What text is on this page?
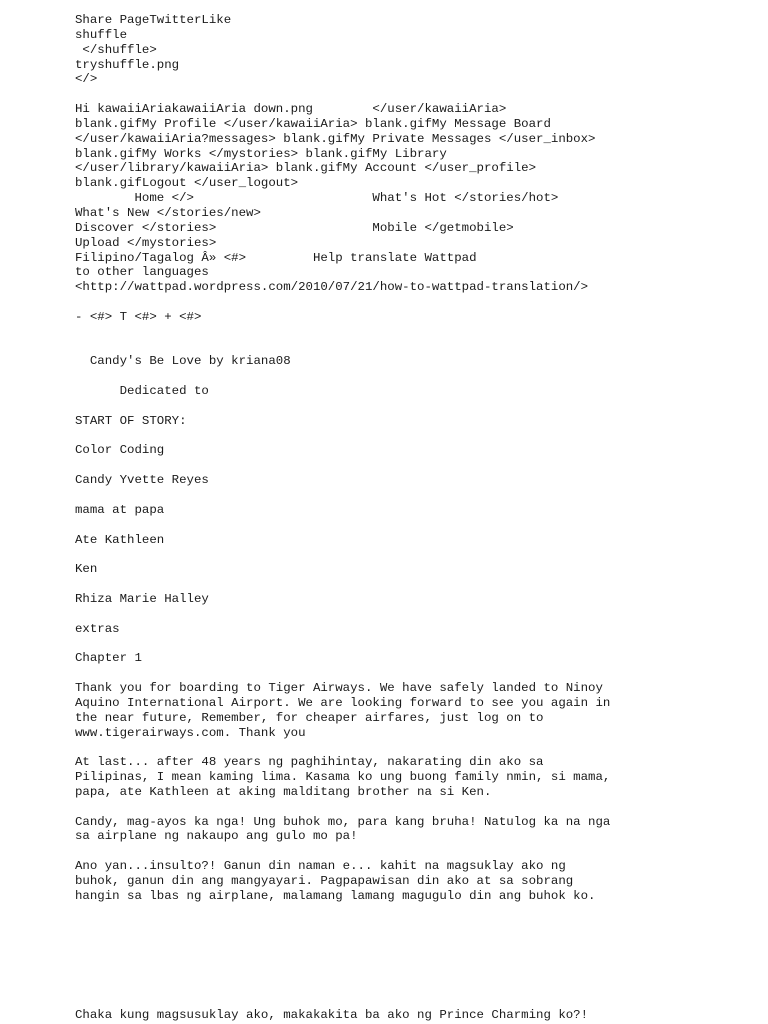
Share PageTwitterLike
shuffle
</shuffle>
tryshuffle.png
</>
Hi kawaiiAriakawaiiAria down.png        </user/kawaiiAria>
blank.gifMy Profile </user/kawaiiAria> blank.gifMy Message Board
</user/kawaiiAria?messages> blank.gifMy Private Messages </user_inbox>
blank.gifMy Works </mystories> blank.gifMy Library
</user/library/kawaiiAria> blank.gifMy Account </user_profile>
blank.gifLogout </user_logout>
Home </>                        What's Hot </stories/hot>
What's New </stories/new>
Discover </stories>                     Mobile </getmobile>
Upload </mystories>
Filipino/Tagalog Â» <#>         Help translate Wattpad
to other languages
<http://wattpad.wordpress.com/2010/07/21/how-to-wattpad-translation/>
- <#> T <#> + <#>
Candy's Be Love by kriana08
Dedicated to
START OF STORY:
Color Coding
Candy Yvette Reyes
mama at papa
Ate Kathleen
Ken
Rhiza Marie Halley
extras
Chapter 1
Thank you for boarding to Tiger Airways. We have safely landed to Ninoy
Aquino International Airport. We are looking forward to see you again in
the near future, Remember, for cheaper airfares, just log on to
www.tigerairways.com. Thank you
At last... after 48 years ng paghihintay, nakarating din ako sa
Pilipinas, I mean kaming lima. Kasama ko ung buong family nmin, si mama,
papa, ate Kathleen at aking malditang brother na si Ken.
Candy, mag-ayos ka nga! Ung buhok mo, para kang bruha! Natulog ka na nga
sa airplane ng nakaupo ang gulo mo pa!
Ano yan...insulto?! Ganun din naman e... kahit na magsuklay ako ng
buhok, ganun din ang mangyayari. Pagpapawisan din ako at sa sobrang
hangin sa lbas ng airplane, malamang lamang magugulo din ang buhok ko.
Chaka kung magsusuklay ako, makakakita ba ako ng Prince Charming ko?!
